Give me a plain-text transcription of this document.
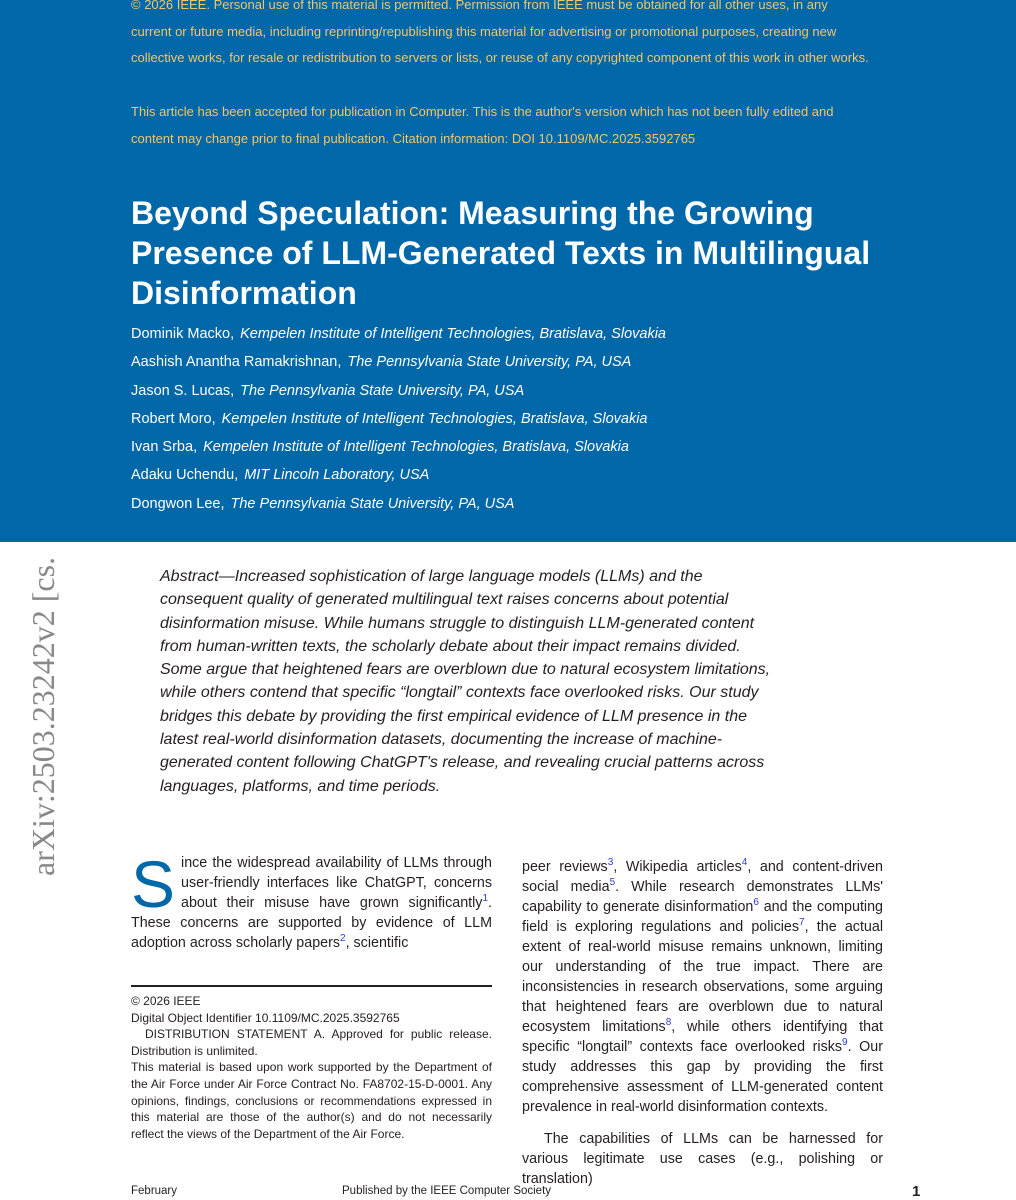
© 2026 IEEE. Personal use of this material is permitted. Permission from IEEE must be obtained for all other uses, in any current or future media, including reprinting/republishing this material for advertising or promotional purposes, creating new collective works, for resale or redistribution to servers or lists, or reuse of any copyrighted component of this work in other works.

This article has been accepted for publication in Computer. This is the author's version which has not been fully edited and content may change prior to final publication. Citation information: DOI 10.1109/MC.2025.3592765

Beyond Speculation: Measuring the Growing Presence of LLM-Generated Texts in Multilingual Disinformation
Dominik Macko, Kempelen Institute of Intelligent Technologies, Bratislava, Slovakia
Aashish Anantha Ramakrishnan, The Pennsylvania State University, PA, USA
Jason S. Lucas, The Pennsylvania State University, PA, USA
Robert Moro, Kempelen Institute of Intelligent Technologies, Bratislava, Slovakia
Ivan Srba, Kempelen Institute of Intelligent Technologies, Bratislava, Slovakia
Adaku Uchendu, MIT Lincoln Laboratory, USA
Dongwon Lee, The Pennsylvania State University, PA, USA
arXiv:2503.23242v2 [cs.	Abstract—Increased sophistication of large language models (LLMs) and the consequent quality of generated multilingual text raises concerns about potential disinformation misuse. While humans struggle to distinguish LLM-generated content from human-written texts, the scholarly debate about their impact remains divided. Some argue that heightened fears are overblown due to natural ecosystem limitations, while others contend that specific “longtail” contexts face overlooked risks. Our study bridges this debate by providing the first empirical evidence of LLM presence in the latest real-world disinformation datasets, documenting the increase of machine-generated content following ChatGPT's release, and revealing crucial patterns across languages, platforms, and time periods.

Since the widespread availability of LLMs through user-friendly interfaces like ChatGPT, concerns about their misuse have grown significantly$^1$. These concerns are supported by evidence of LLM adoption across scholarly papers$^2$, scientific

© 2026 IEEE

Digital Object Identifier 10.1109/MC.2025.3592765

DISTRIBUTION STATEMENT A. Approved for public release. Distribution is unlimited.

This material is based upon work supported by the Department of the Air Force under Air Force Contract No. FA8702-15-D-0001. Any opinions, findings, conclusions or recommendations expressed in this material are those of the author(s) and do not necessarily reflect the views of the Department of the Air Force.

peer reviews$^3$, Wikipedia articles$^4$, and content-driven social media$^5$. While research demonstrates LLMs' capability to generate disinformation$^6$ and the computing field is exploring regulations and policies$^7$, the actual extent of real-world misuse remains unknown, limiting our understanding of the true impact. There are inconsistencies in research observations, some arguing that heightened fears are overblown due to natural ecosystem limitations$^8$, while others identifying that specific “longtail” contexts face overlooked risks$^9$. Our study addresses this gap by providing the first comprehensive assessment of LLM-generated content prevalence in real-world disinformation contexts.

The capabilities of LLMs can be harnessed for various legitimate use cases (e.g., polishing or translation)

February	Published by the IEEE Computer Society	1
